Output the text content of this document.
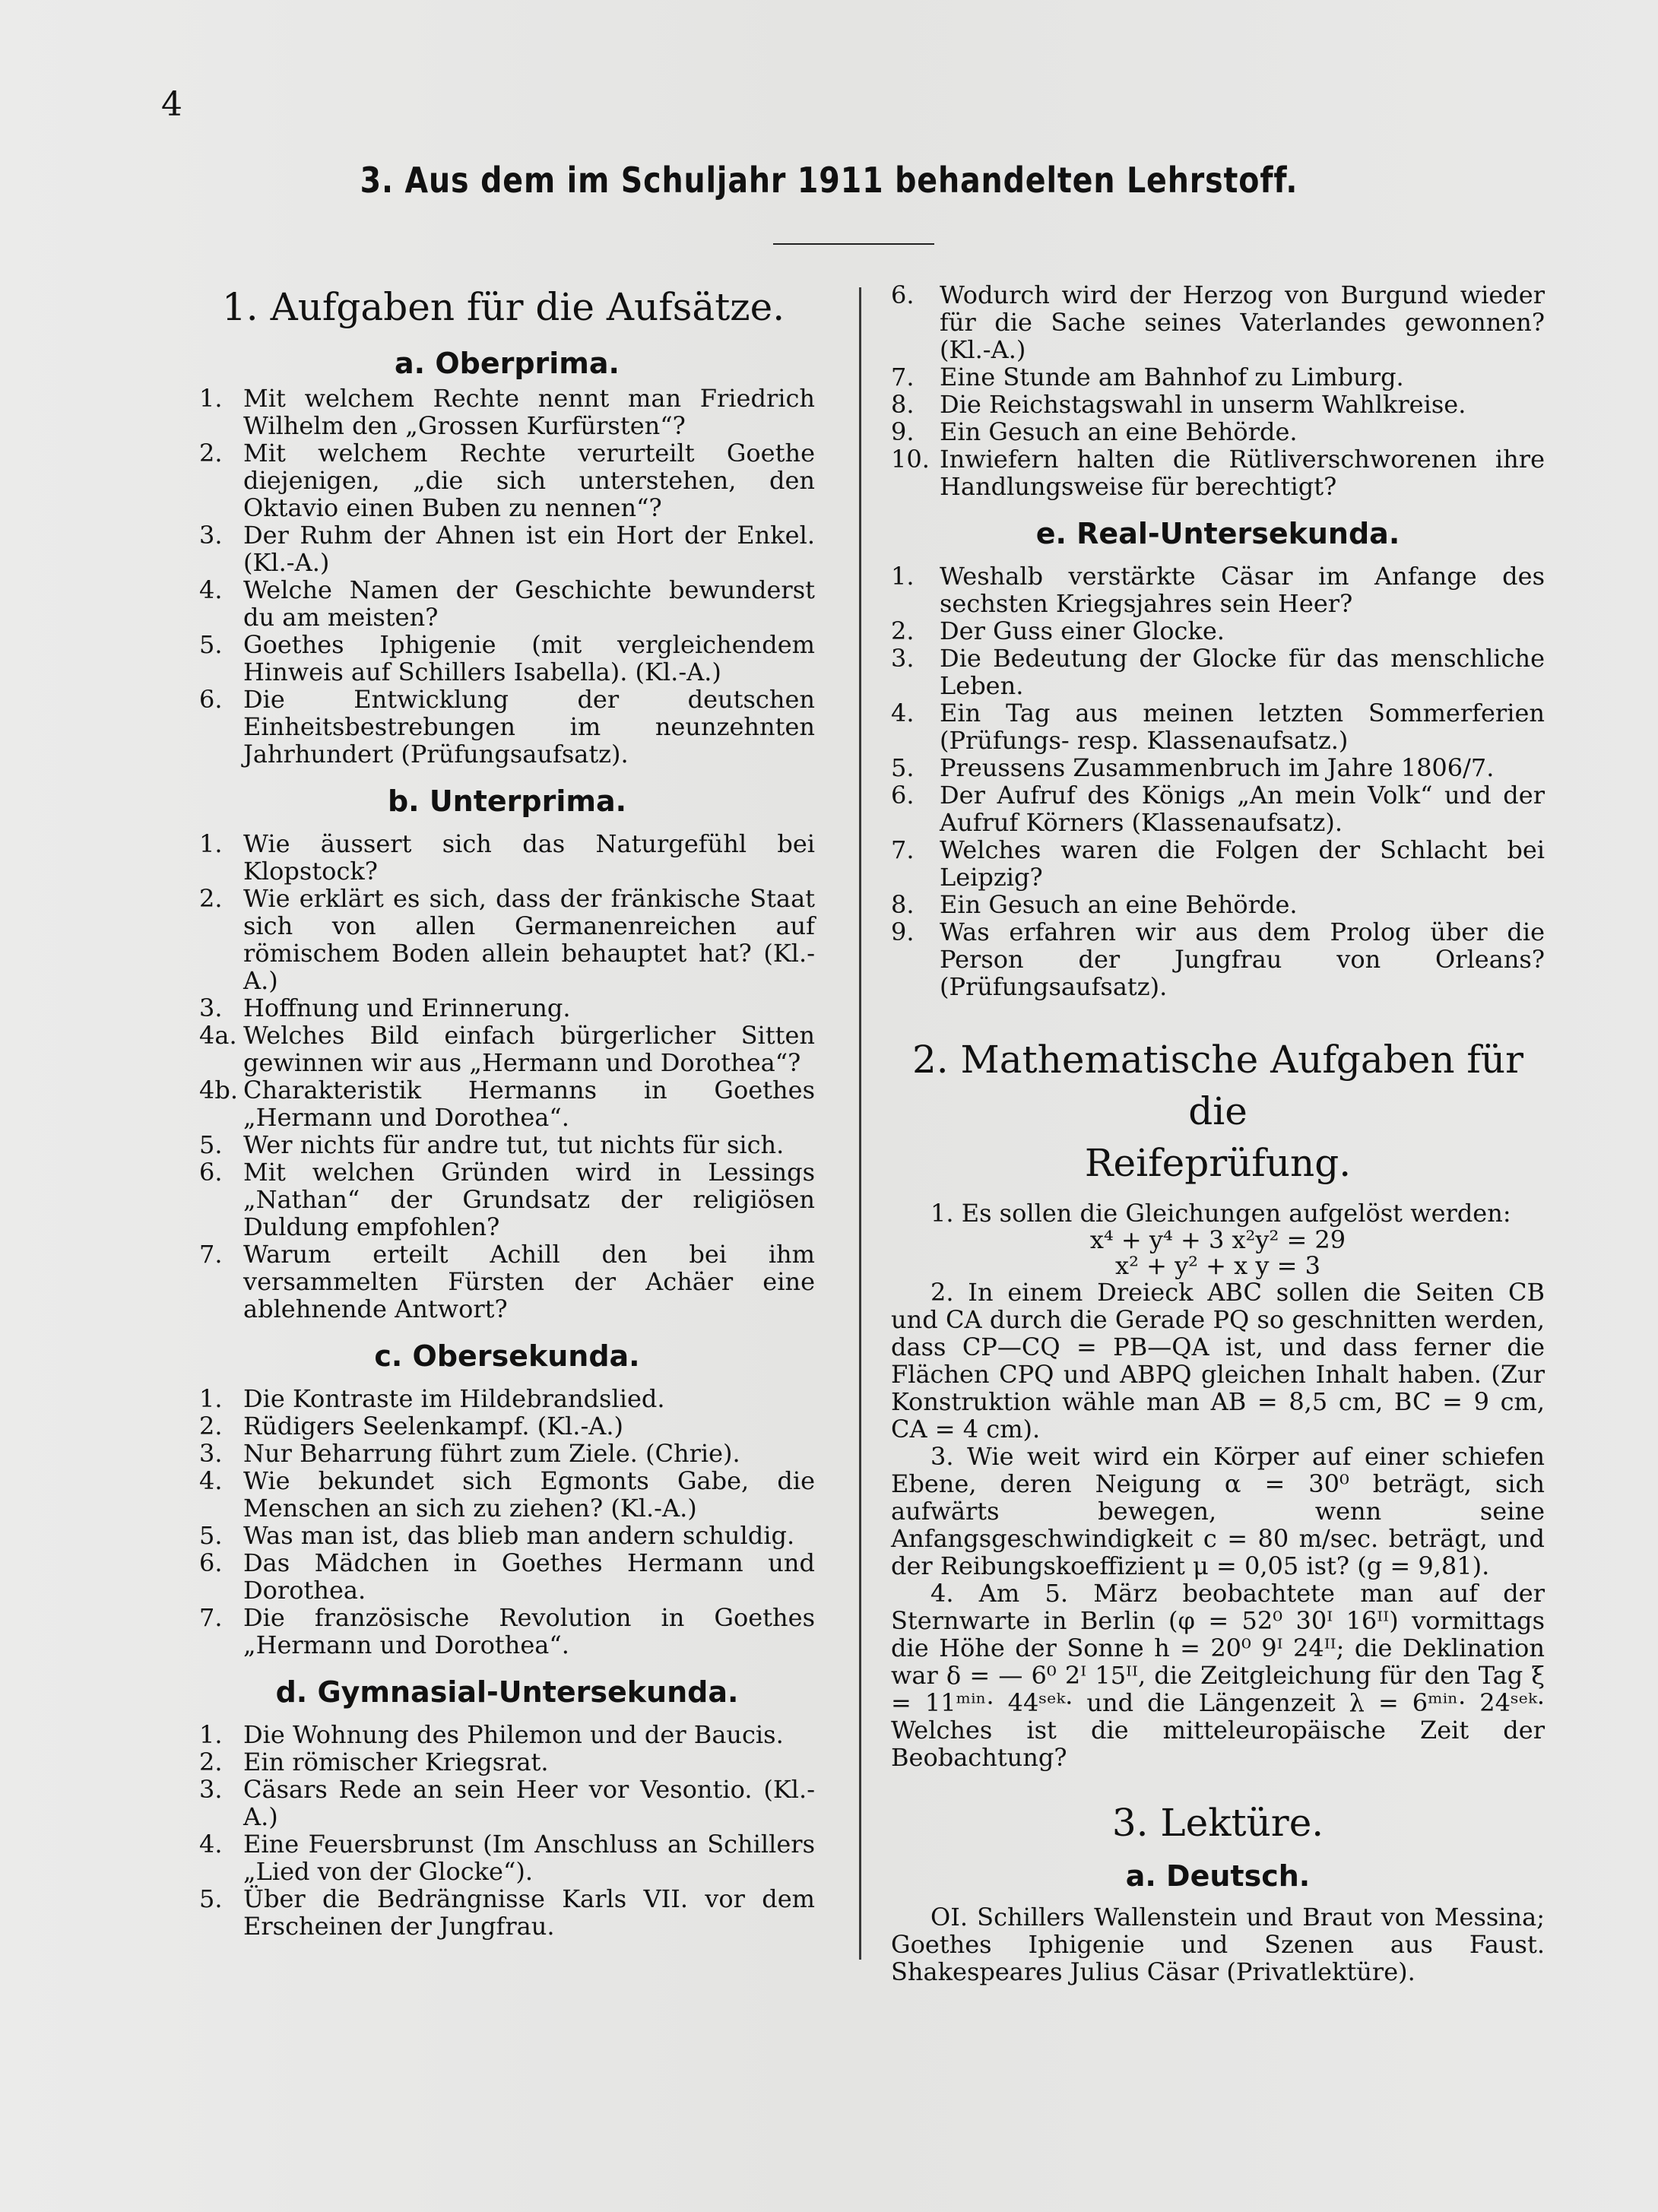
4
3. Aus dem im Schuljahr 1911 behandelten Lehrstoff.
1. Aufgaben für die Aufsätze.
a. Oberprima.
1. Mit welchem Rechte nennt man Friedrich Wilhelm den „Grossen Kurfürsten“?
2. Mit welchem Rechte verurteilt Goethe diejenigen, „die sich unterstehen, den Oktavio einen Buben zu nennen“?
3. Der Ruhm der Ahnen ist ein Hort der Enkel. (Kl.-A.)
4. Welche Namen der Geschichte bewunderst du am meisten?
5. Goethes Iphigenie (mit vergleichendem Hinweis auf Schillers Isabella). (Kl.-A.)
6. Die Entwicklung der deutschen Einheitsbestrebungen im neunzehnten Jahrhundert (Prüfungsaufsatz).
b. Unterprima.
1. Wie äussert sich das Naturgefühl bei Klopstock?
2. Wie erklärt es sich, dass der fränkische Staat sich von allen Germanenreichen auf römischem Boden allein behauptet hat? (Kl.-A.)
3. Hoffnung und Erinnerung.
4a. Welches Bild einfach bürgerlicher Sitten gewinnen wir aus „Hermann und Dorothea“?
4b. Charakteristik Hermanns in Goethes „Hermann und Dorothea“.
5. Wer nichts für andre tut, tut nichts für sich.
6. Mit welchen Gründen wird in Lessings „Nathan“ der Grundsatz der religiösen Duldung empfohlen?
7. Warum erteilt Achill den bei ihm versammelten Fürsten der Achäer eine ablehnende Antwort?
c. Obersekunda.
1. Die Kontraste im Hildebrandslied.
2. Rüdigers Seelenkampf. (Kl.-A.)
3. Nur Beharrung führt zum Ziele. (Chrie).
4. Wie bekundet sich Egmonts Gabe, die Menschen an sich zu ziehen? (Kl.-A.)
5. Was man ist, das blieb man andern schuldig.
6. Das Mädchen in Goethes Hermann und Dorothea.
7. Die französische Revolution in Goethes „Hermann und Dorothea“.
d. Gymnasial-Untersekunda.
1. Die Wohnung des Philemon und der Baucis.
2. Ein römischer Kriegsrat.
3. Cäsars Rede an sein Heer vor Vesontio. (Kl.-A.)
4. Eine Feuersbrunst (Im Anschluss an Schillers „Lied von der Glocke“).
5. Über die Bedrängnisse Karls VII. vor dem Erscheinen der Jungfrau.
6. Wodurch wird der Herzog von Burgund wieder für die Sache seines Vaterlandes gewonnen? (Kl.-A.)
7. Eine Stunde am Bahnhof zu Limburg.
8. Die Reichstagswahl in unserm Wahlkreise.
9. Ein Gesuch an eine Behörde.
10. Inwiefern halten die Rütliverschworenen ihre Handlungsweise für berechtigt?
e. Real-Untersekunda.
1. Weshalb verstärkte Cäsar im Anfange des sechsten Kriegsjahres sein Heer?
2. Der Guss einer Glocke.
3. Die Bedeutung der Glocke für das menschliche Leben.
4. Ein Tag aus meinen letzten Sommerferien (Prüfungs- resp. Klassenaufsatz.)
5. Preussens Zusammenbruch im Jahre 1806/7.
6. Der Aufruf des Königs „An mein Volk“ und der Aufruf Körners (Klassenaufsatz).
7. Welches waren die Folgen der Schlacht bei Leipzig?
8. Ein Gesuch an eine Behörde.
9. Was erfahren wir aus dem Prolog über die Person der Jungfrau von Orleans? (Prüfungsaufsatz).
2. Mathematische Aufgaben für die
Reifeprüfung.

1. Es sollen die Gleichungen aufgelöst werden:

x⁴ + y⁴ + 3 x²y² = 29

x² + y² + x y = 3

2. In einem Dreieck ABC sollen die Seiten CB und CA durch die Gerade PQ so geschnitten werden, dass CP—CQ = PB—QA ist, und dass ferner die Flächen CPQ und ABPQ gleichen Inhalt haben. (Zur Konstruktion wähle man AB = 8,5 cm, BC = 9 cm, CA = 4 cm).

3. Wie weit wird ein Körper auf einer schiefen Ebene, deren Neigung α = 30⁰ beträgt, sich aufwärts bewegen, wenn seine Anfangsgeschwindigkeit c = 80 m/sec. beträgt, und der Reibungskoeffizient μ = 0,05 ist? (g = 9,81).

4. Am 5. März beobachtete man auf der Sternwarte in Berlin (φ = 52⁰ 30ᴵ 16ᴵᴵ) vormittags die Höhe der Sonne h = 20⁰ 9ᴵ 24ᴵᴵ; die Deklination war δ = — 6⁰ 2ᴵ 15ᴵᴵ, die Zeitgleichung für den Tag ξ = 11ᵐⁱⁿ· 44ˢᵉᵏ· und die Längenzeit λ = 6ᵐⁱⁿ· 24ˢᵉᵏ· Welches ist die mitteleuropäische Zeit der Beobachtung?

3. Lektüre.
a. Deutsch.

OI. Schillers Wallenstein und Braut von Messina; Goethes Iphigenie und Szenen aus Faust. Shakespeares Julius Cäsar (Privatlektüre).
